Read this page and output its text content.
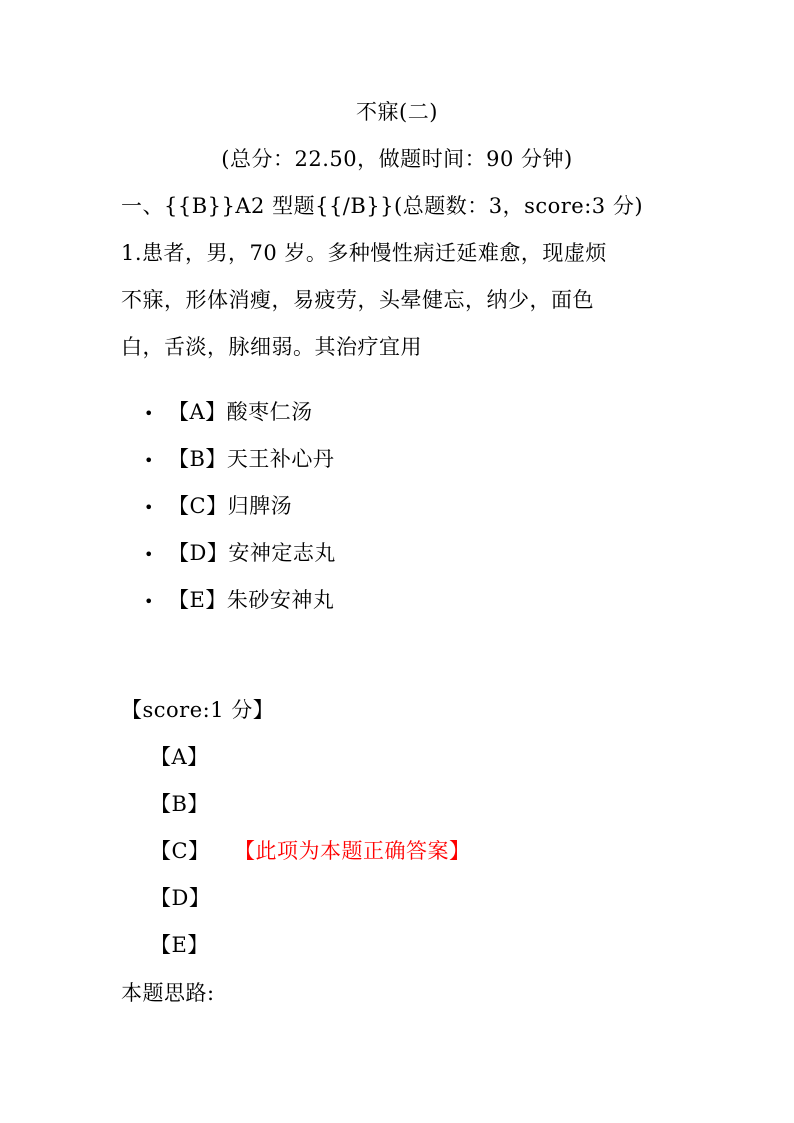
不寐(二)
(总分：22.50，做题时间：90 分钟)
一、{{B}}A2 型题{{/B}}(总题数：3，score:3 分)
1.患者，男，70 岁。多种慢性病迁延难愈，现虚烦
不寐，形体消瘦，易疲劳，头晕健忘，纳少，面色
白，舌淡，脉细弱。其治疗宜用
• 【A】酸枣仁汤
• 【B】天王补心丹
• 【C】归脾汤
• 【D】安神定志丸
• 【E】朱砂安神丸
【score:1 分】
【A】
【B】
【C】 【此项为本题正确答案】
【D】
【E】
本题思路:
